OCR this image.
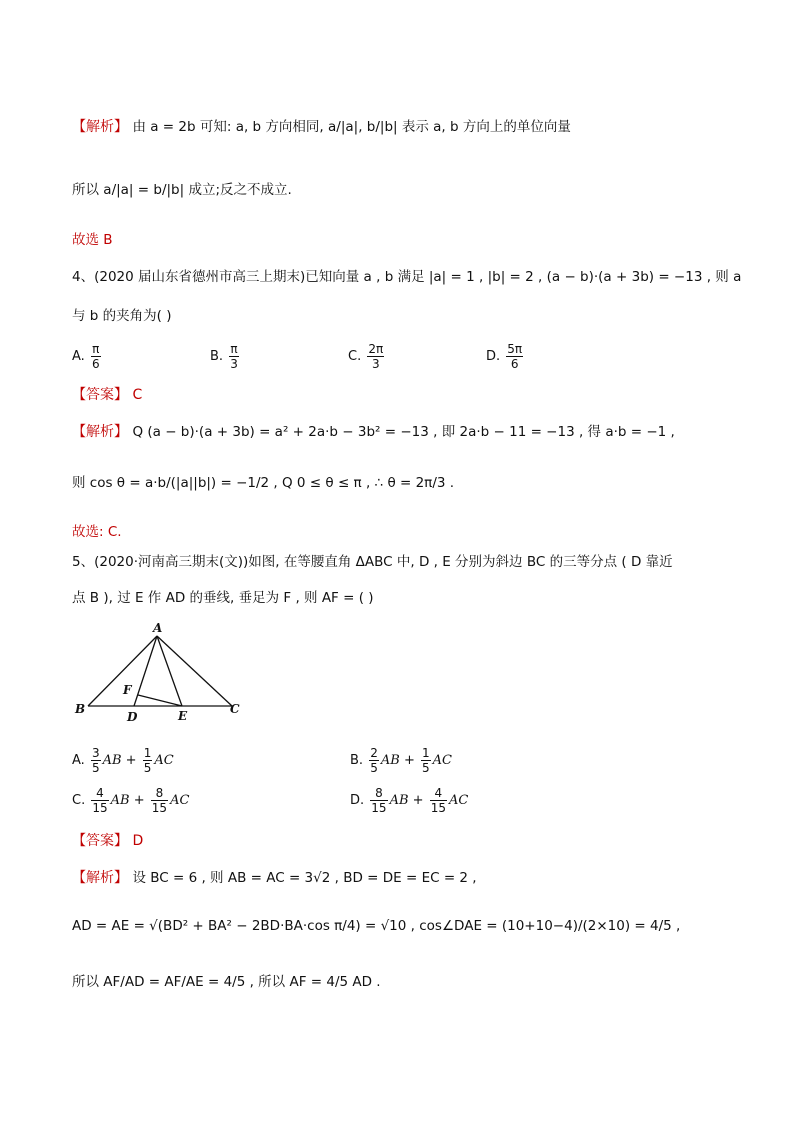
【解析】 由 a = 2b 可知: a, b 方向相同, a/|a|, b/|b| 表示 a, b 方向上的单位向量
所以 a/|a| = b/|b| 成立;反之不成立.
故选 B
4、(2020 届山东省德州市高三上期末)已知向量 a , b 满足 |a| = 1 , |b| = 2 , (a − b)·(a + 3b) = −13 , 则 a
与 b 的夹角为( )
A. $\frac{\pi}{6}$	B. $\frac{\pi}{3}$	C. $\frac{2\pi}{3}$	D. $\frac{5\pi}{6}$
【答案】 C
【解析】 Q (a − b)·(a + 3b) = a² + 2a·b − 3b² = −13 , 即 2a·b − 11 = −13 , 得 a·b = −1 ,
则 cos θ = a·b/(|a||b|) = −1/2 , Q 0 ≤ θ ≤ π , ∴ θ = 2π/3 .
故选: C.
5、(2020·河南高三期末(文))如图, 在等腰直角 ΔABC 中, D , E 分别为斜边 BC 的三等分点 ( D 靠近
点 B ), 过 E 作 AD 的垂线, 垂足为 F , 则 AF = ( )
A
B	C
D	E
F
A. $\frac{3}{5}$ AB + $\frac{1}{5}$ AC	B. $\frac{2}{5}$ AB + $\frac{1}{5}$ AC
C. $\frac{4}{15}$ AB + $\frac{8}{15}$ AC	D. $\frac{8}{15}$ AB + $\frac{4}{15}$ AC
【答案】 D
【解析】 设 BC = 6 , 则 AB = AC = 3√2 , BD = DE = EC = 2 ,
AD = AE = √(BD² + BA² − 2BD·BA·cos π/4) = √10 , cos∠DAE = (10+10−4)/(2×10) = 4/5 ,
所以 AF/AD = AF/AE = 4/5 , 所以 AF = 4/5 AD .
